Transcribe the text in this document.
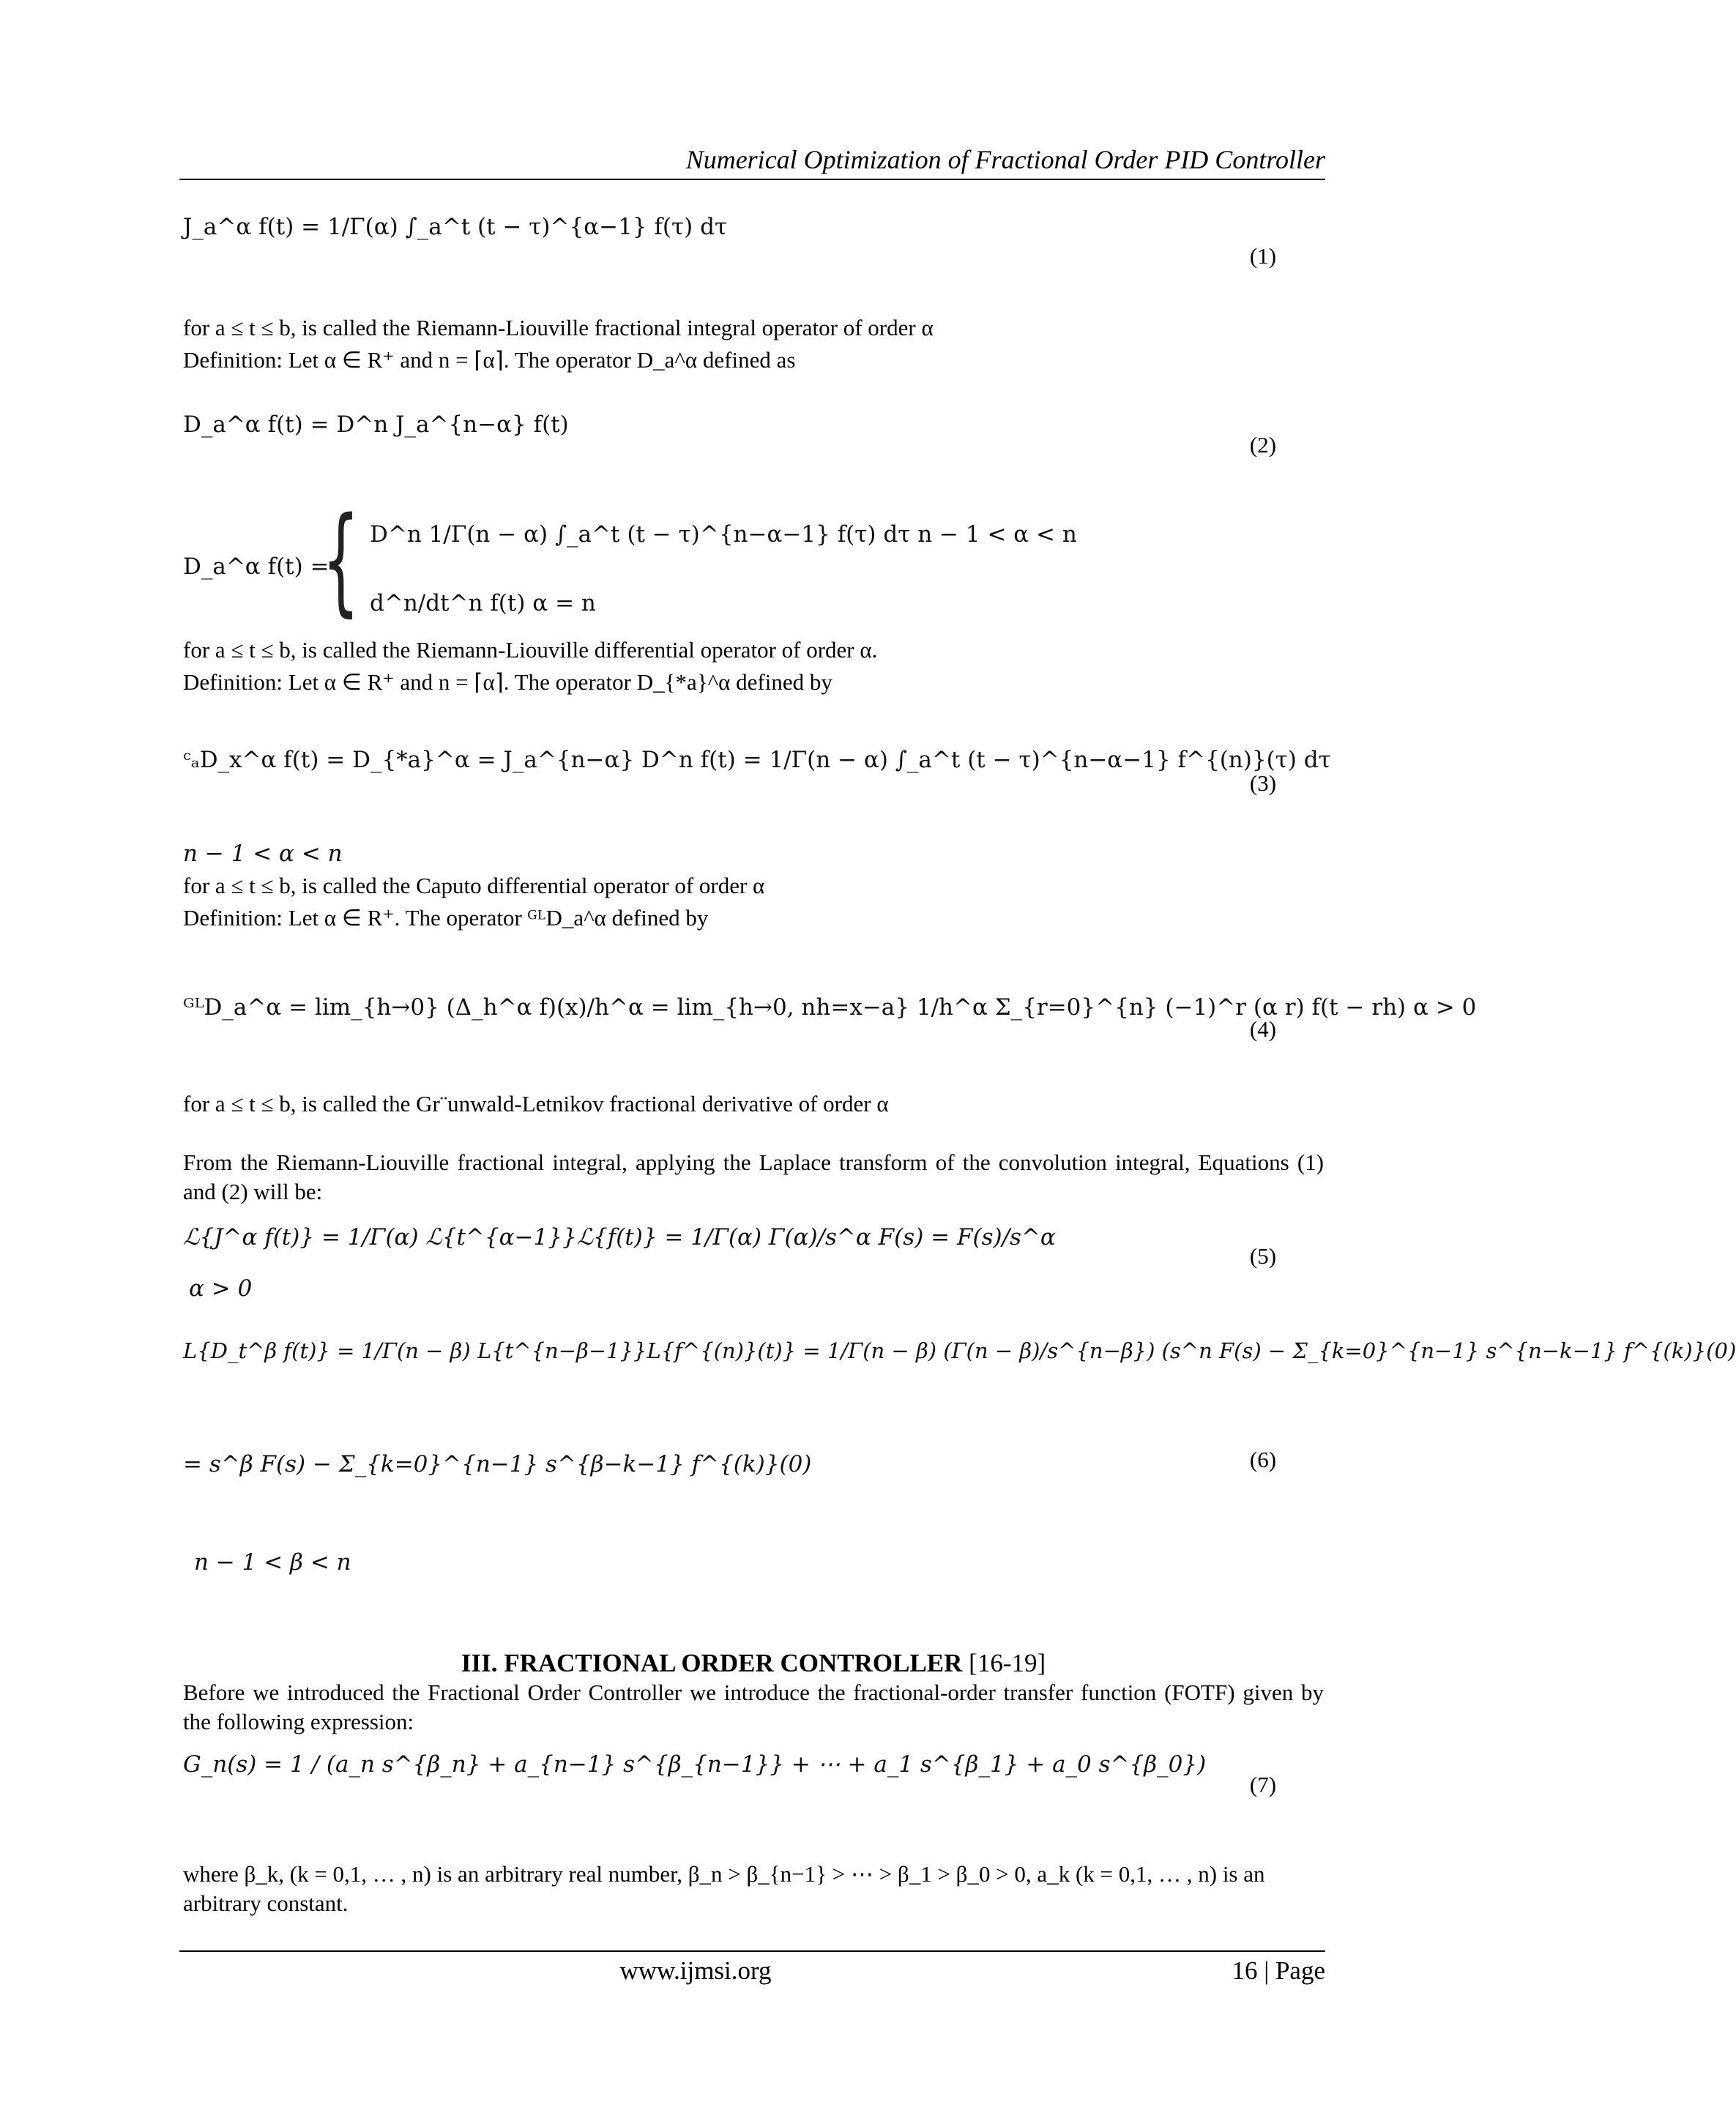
Numerical Optimization of Fractional Order PID Controller
J_a^α f(t) = 1/Γ(α) ∫_a^t (t − τ)^{α−1} f(τ) dτ
(1)
for a ≤ t ≤ b, is called the Riemann-Liouville fractional integral operator of order α
Definition: Let α ∈ R⁺ and n = ⌈α⌉. The operator D_a^α defined as
D_a^α f(t) = D^n J_a^{n−α} f(t)
(2)
D_a^α f(t) =
{ D^n 1/Γ(n − α) ∫_a^t (t − τ)^{n−α−1} f(τ) dτ n − 1 < α < n
d^n/dt^n f(t) α = n
for a ≤ t ≤ b, is called the Riemann-Liouville differential operator of order α.
Definition: Let α ∈ R⁺ and n = ⌈α⌉. The operator D_{*a}^α defined by
ᶜₐD_x^α f(t) = D_{*a}^α = J_a^{n−α} D^n f(t) = 1/Γ(n − α) ∫_a^t (t − τ)^{n−α−1} f^{(n)}(τ) dτ
(3)
n − 1 < α < n
for a ≤ t ≤ b, is called the Caputo differential operator of order α
Definition: Let α ∈ R⁺. The operator ᴳᴸD_a^α defined by
ᴳᴸD_a^α = lim_{h→0} (Δ_h^α f)(x)/h^α = lim_{h→0, nh=x−a} 1/h^α Σ_{r=0}^{n} (−1)^r (α r) f(t − rh) α > 0
(4)
for a ≤ t ≤ b, is called the Gr¨unwald-Letnikov fractional derivative of order α
From the Riemann-Liouville fractional integral, applying the Laplace transform of the convolution integral, Equations (1) and (2) will be:
ℒ{J^α f(t)} = 1/Γ(α) ℒ{t^{α−1}}ℒ{f(t)} = 1/Γ(α) Γ(α)/s^α F(s) = F(s)/s^α
(5)
α > 0
L{D_t^β f(t)} = 1/Γ(n − β) L{t^{n−β−1}}L{f^{(n)}(t)} = 1/Γ(n − β) (Γ(n − β)/s^{n−β}) (s^n F(s) − Σ_{k=0}^{n−1} s^{n−k−1} f^{(k)}(0)
= s^β F(s) − Σ_{k=0}^{n−1} s^{β−k−1} f^{(k)}(0)	(6)
n − 1 < β < n
III. FRACTIONAL ORDER CONTROLLER [16-19]
Before we introduced the Fractional Order Controller we introduce the fractional-order transfer function (FOTF) given by the following expression:
G_n(s) = 1 / (a_n s^{β_n} + a_{n−1} s^{β_{n−1}} + ⋯ + a_1 s^{β_1} + a_0 s^{β_0})
(7)
where β_k, (k = 0,1, … , n) is an arbitrary real number, β_n > β_{n−1} > ⋯ > β_1 > β_0 > 0, a_k (k = 0,1, … , n) is an arbitrary constant.
www.ijmsi.org	16 | Page
